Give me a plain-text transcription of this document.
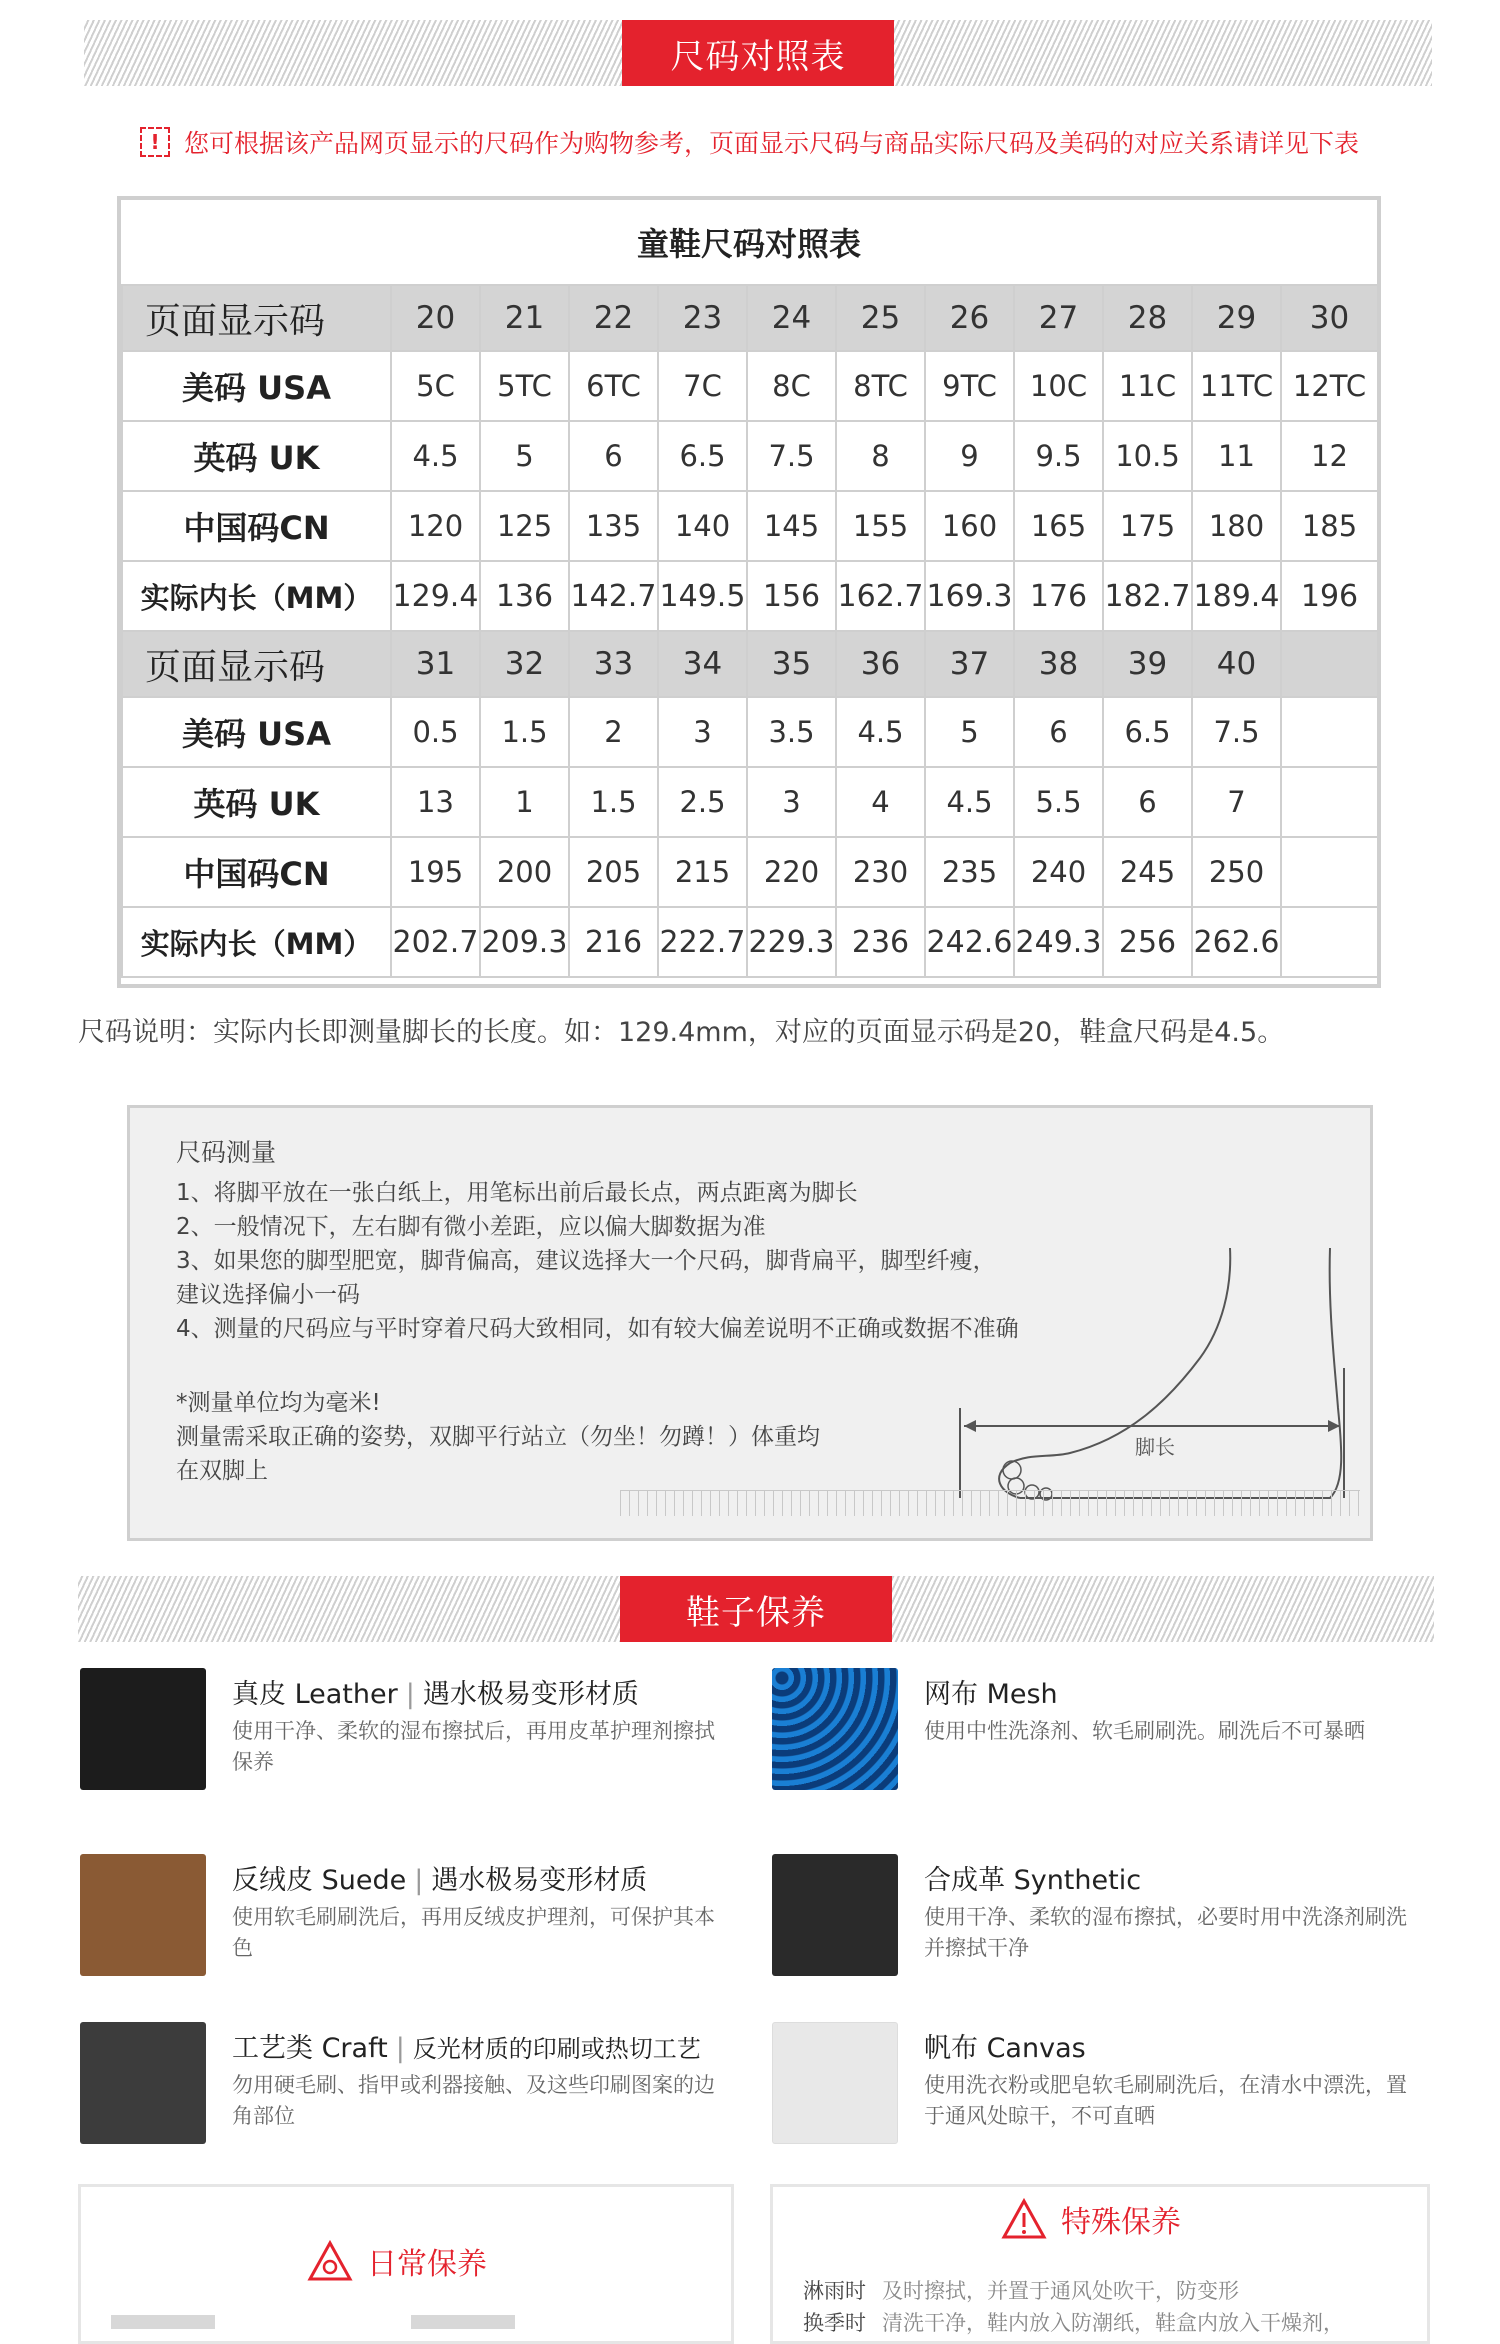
尺码对照表
! 您可根据该产品网页显示的尺码作为购物参考，页面显示尺码与商品实际尺码及美码的对应关系请详见下表
童鞋尺码对照表
页面显示码	20	21	22	23	24	25	26	27	28	29	30
美码 USA	5C	5TC	6TC	7C	8C	8TC	9TC	10C	11C	11TC	12TC
英码 UK	4.5	5	6	6.5	7.5	8	9	9.5	10.5	11	12
中国码CN	120	125	135	140	145	155	160	165	175	180	185
实际内长（MM）	129.4	136	142.7	149.5	156	162.7	169.3	176	182.7	189.4	196
页面显示码	31	32	33	34	35	36	37	38	39	40	
美码 USA	0.5	1.5	2	3	3.5	4.5	5	6	6.5	7.5	
英码 UK	13	1	1.5	2.5	3	4	4.5	5.5	6	7	
中国码CN	195	200	205	215	220	230	235	240	245	250	
实际内长（MM）	202.7	209.3	216	222.7	229.3	236	242.6	249.3	256	262.6	
尺码说明：实际内长即测量脚长的长度。如：129.4mm，对应的页面显示码是20，鞋盒尺码是4.5。
尺码测量
1、将脚平放在一张白纸上，用笔标出前后最长点，两点距离为脚长
2、一般情况下，左右脚有微小差距，应以偏大脚数据为准
3、如果您的脚型肥宽，脚背偏高，建议选择大一个尺码，脚背扁平，脚型纤瘦，
建议选择偏小一码
4、测量的尺码应与平时穿着尺码大致相同，如有较大偏差说明不正确或数据不准确
*测量单位均为毫米!
测量需采取正确的姿势，双脚平行站立（勿坐！勿蹲！）体重均
在双脚上
脚长
鞋子保养
真皮 Leather | 遇水极易变形材质
使用干净、柔软的湿布擦拭后，再用皮革护理剂擦拭保养
网布 Mesh
使用中性洗涤剂、软毛刷刷洗。刷洗后不可暴晒
反绒皮 Suede | 遇水极易变形材质
使用软毛刷刷洗后，再用反绒皮护理剂，可保护其本色
合成革 Synthetic
使用干净、柔软的湿布擦拭，必要时用中洗涤剂刷洗并擦拭干净
工艺类 Craft | 反光材质的印刷或热切工艺
勿用硬毛刷、指甲或利器接触、及这些印刷图案的边角部位
帆布 Canvas
使用洗衣粉或肥皂软毛刷刷洗后，在清水中漂洗，置于通风处晾干，不可直晒
日常保养
特殊保养
淋雨时 及时擦拭，并置于通风处吹干，防变形
换季时 清洗干净，鞋内放入防潮纸，鞋盒内放入干燥剂，
